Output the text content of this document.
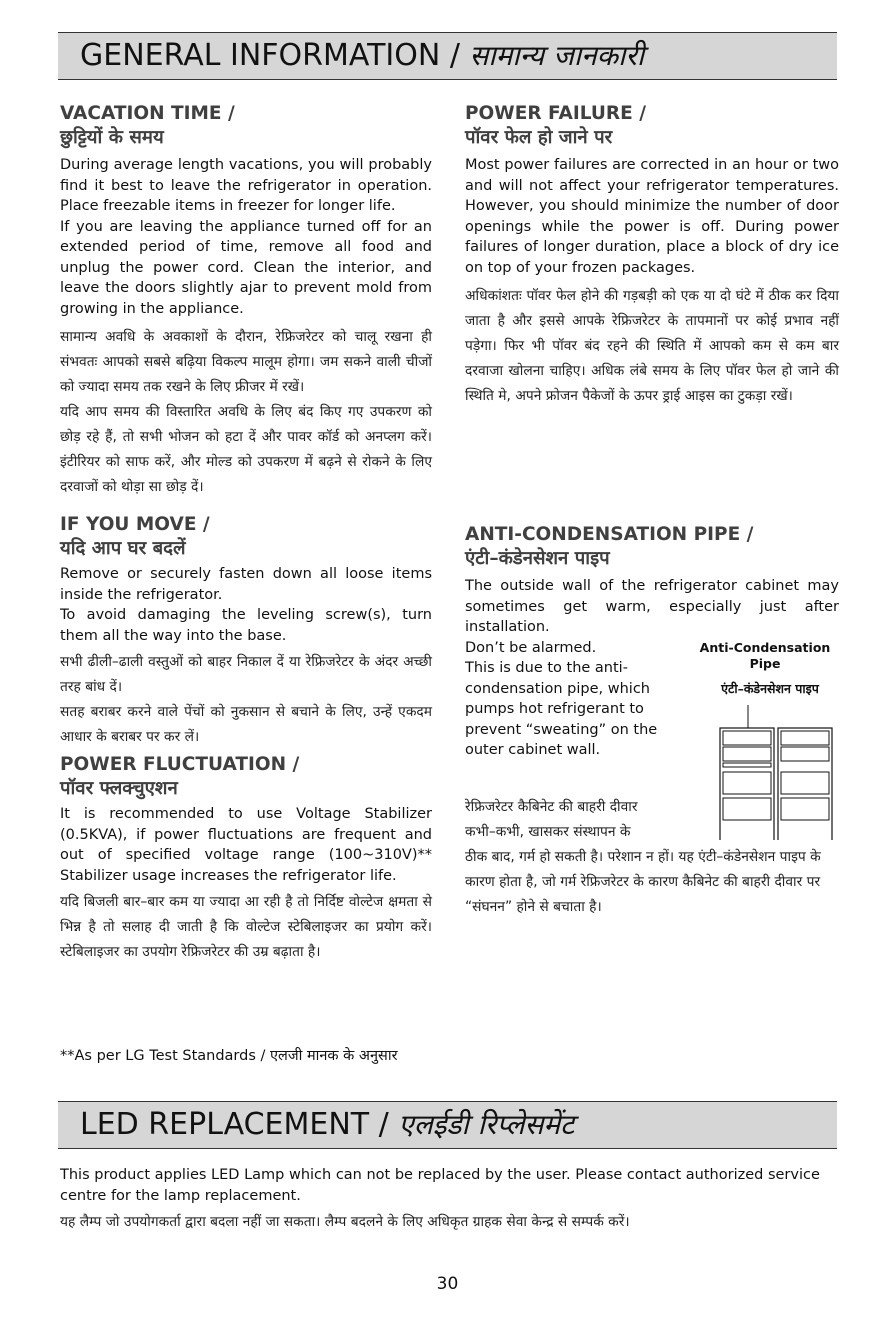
GENERAL INFORMATION / सामान्य जानकारी
VACATION TIME /
छुट्टियों के समय

During average length vacations, you will probably find it best to leave the refrigerator in operation. Place freezable items in freezer for longer life.

If you are leaving the appliance turned off for an extended period of time, remove all food and unplug the power cord. Clean the interior, and leave the doors slightly ajar to prevent mold from growing in the appliance.

सामान्य अवधि के अवकाशों के दौरान, रेफ्रिजरेटर को चालू रखना ही संभवतः आपको सबसे बढ़िया विकल्प मालूम होगा। जम सकने वाली चीजों को ज्यादा समय तक रखने के लिए फ्रीजर में रखें।

यदि आप समय की विस्तारित अवधि के लिए बंद किए गए उपकरण को छोड़ रहे हैं, तो सभी भोजन को हटा दें और पावर कॉर्ड को अनप्लग करें। इंटीरियर को साफ करें, और मोल्ड को उपकरण में बढ़ने से रोकने के लिए दरवाजों को थोड़ा सा छोड़ दें।

IF YOU MOVE /
यदि आप घर बदलें

Remove or securely fasten down all loose items inside the refrigerator.

To avoid damaging the leveling screw(s), turn them all the way into the base.

सभी ढीली–ढाली वस्तुओं को बाहर निकाल दें या रेफ्रिजरेटर के अंदर अच्छी तरह बांध दें।

सतह बराबर करने वाले पेंचों को नुकसान से बचाने के लिए, उन्हें एकदम आधार के बराबर पर कर लें।

POWER FLUCTUATION /
पॉवर फ्लक्चुएशन

It is recommended to use Voltage Stabilizer (0.5KVA), if power fluctuations are frequent and out of specified voltage range (100~310V)** Stabilizer usage increases the refrigerator life.

यदि बिजली बार–बार कम या ज्यादा आ रही है तो निर्दिष्ट वोल्टेज क्षमता से भिन्न है तो सलाह दी जाती है कि वोल्टेज स्टेबिलाइजर का प्रयोग करें। स्टेबिलाइजर का उपयोग रेफ्रिजरेटर की उम्र बढ़ाता है।

**As per LG Test Standards / एलजी मानक के अनुसार
POWER FAILURE /
पॉवर फेल हो जाने पर

Most power failures are corrected in an hour or two and will not affect your refrigerator temperatures. However, you should minimize the number of door openings while the power is off. During power failures of longer duration, place a block of dry ice on top of your frozen packages.

अधिकांशतः पॉवर फेल होने की गड़बड़ी को एक या दो घंटे में ठीक कर दिया जाता है और इससे आपके रेफ्रिजरेटर के तापमानों पर कोई प्रभाव नहीं पड़ेगा। फिर भी पॉवर बंद रहने की स्थिति में आपको कम से कम बार दरवाजा खोलना चाहिए। अधिक लंबे समय के लिए पॉवर फेल हो जाने की स्थिति मे, अपने फ्रोजन पैकेजों के ऊपर ड्राई आइस का टुकड़ा रखें।

ANTI-CONDENSATION PIPE /
एंटी–कंडेनसेशन पाइप

The outside wall of the refrigerator cabinet may sometimes get warm, especially just after installation.

Don’t be alarmed.

This is due to the anti-

condensation pipe, which

pumps hot refrigerant to

prevent “sweating” on the

outer cabinet wall.

रेफ्रिजरेटर कैबिनेट की बाहरी दीवार

कभी–कभी, खासकर संस्थापन के

ठीक बाद, गर्म हो सकती है। परेशान न हों। यह एंटी–कंडेनसेशन पाइप के कारण होता है, जो गर्म रेफ्रिजरेटर के कारण कैबिनेट की बाहरी दीवार पर “संघनन” होने से बचाता है।

Anti-Condensation Pipe
एंटी–कंडेनसेशन पाइप
LED REPLACEMENT / एलईडी रिप्लेसमेंट

This product applies LED Lamp which can not be replaced by the user. Please contact authorized service centre for the lamp replacement.

यह लैम्प जो उपयोगकर्ता द्वारा बदला नहीं जा सकता। लैम्प बदलने के लिए अधिकृत ग्राहक सेवा केन्द्र से सम्पर्क करें।

30
